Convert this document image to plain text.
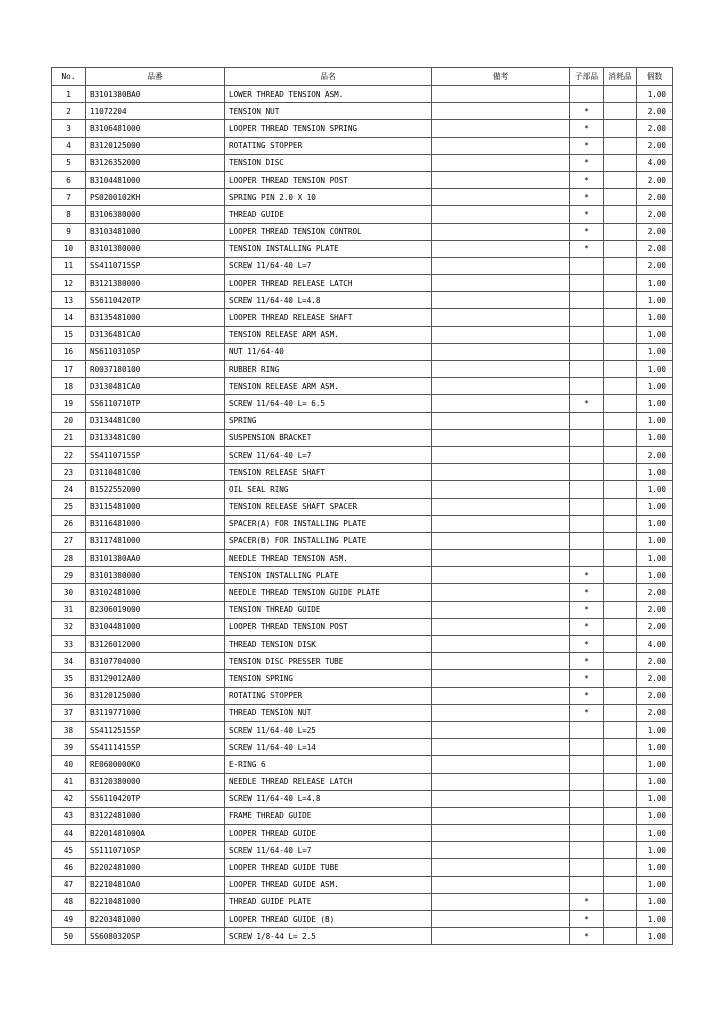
No.	品番	品名	備考	子部品	消耗品	個数
1	B3101380BA0	LOWER THREAD TENSION ASM.				1.00
2	11072204	TENSION NUT		*		2.00
3	B3106481000	LOOPER THREAD TENSION SPRING		*		2.00
4	B3120125000	ROTATING STOPPER		*		2.00
5	B3126352000	TENSION DISC		*		4.00
6	B3104481000	LOOPER THREAD TENSION POST		*		2.00
7	PS0200102KH	SPRING PIN 2.0 X 10		*		2.00
8	B3106380000	THREAD GUIDE		*		2.00
9	B3103481000	LOOPER THREAD TENSION CONTROL		*		2.00
10	B3101380000	TENSION INSTALLING PLATE		*		2.00
11	SS4110715SP	SCREW 11/64-40 L=7				2.00
12	B3121380000	LOOPER THREAD RELEASE LATCH				1.00
13	SS6110420TP	SCREW 11/64-40 L=4.8				1.00
14	B3135481000	LOOPER THREAD RELEASE SHAFT				1.00
15	D3136481CA0	TENSION RELEASE ARM ASM.				1.00
16	NS6110310SP	NUT 11/64-40				1.00
17	R0037180100	RUBBER RING				1.00
18	D3130481CA0	TENSION RELEASE ARM ASM.				1.00
19	SS6110710TP	SCREW 11/64-40 L= 6.5		*		1.00
20	D3134481C00	SPRING				1.00
21	D3133481C00	SUSPENSION BRACKET				1.00
22	SS4110715SP	SCREW 11/64-40 L=7				2.00
23	D3110481C00	TENSION RELEASE SHAFT				1.00
24	B1522552000	OIL SEAL RING				1.00
25	B3115481000	TENSION RELEASE SHAFT SPACER				1.00
26	B3116481000	SPACER(A) FOR INSTALLING PLATE				1.00
27	B3117481000	SPACER(B) FOR INSTALLING PLATE				1.00
28	B3101380AA0	NEEDLE THREAD TENSION ASM.				1.00
29	B3101380000	TENSION INSTALLING PLATE		*		1.00
30	B3102481000	NEEDLE THREAD TENSION GUIDE PLATE		*		2.00
31	B2306019000	TENSION THREAD GUIDE		*		2.00
32	B3104481000	LOOPER THREAD TENSION POST		*		2.00
33	B3126012000	THREAD TENSION DISK		*		4.00
34	B3107704000	TENSION DISC PRESSER TUBE		*		2.00
35	B3129012A00	TENSION SPRING		*		2.00
36	B3120125000	ROTATING STOPPER		*		2.00
37	B3119771000	THREAD TENSION NUT		*		2.00
38	SS4112515SP	SCREW 11/64-40 L=25				1.00
39	SS4111415SP	SCREW 11/64-40 L=14				1.00
40	RE0600000K0	E-RING 6				1.00
41	B3120380000	NEEDLE THREAD RELEASE LATCH				1.00
42	SS6110420TP	SCREW 11/64-40 L=4.8				1.00
43	B3122481000	FRAME THREAD GUIDE				1.00
44	B2201481000A	LOOPER THREAD GUIDE				1.00
45	SS1110710SP	SCREW 11/64-40 L=7				1.00
46	B2202481000	LOOPER THREAD GUIDE TUBE				1.00
47	B2210481OA0	LOOPER THREAD GUIDE ASM.				1.00
48	B2210481000	THREAD GUIDE PLATE		*		1.00
49	B2203481000	LOOPER THREAD GUIDE (B)		*		1.00
50	SS6080320SP	SCREW 1/8-44 L= 2.5		*		1.00
